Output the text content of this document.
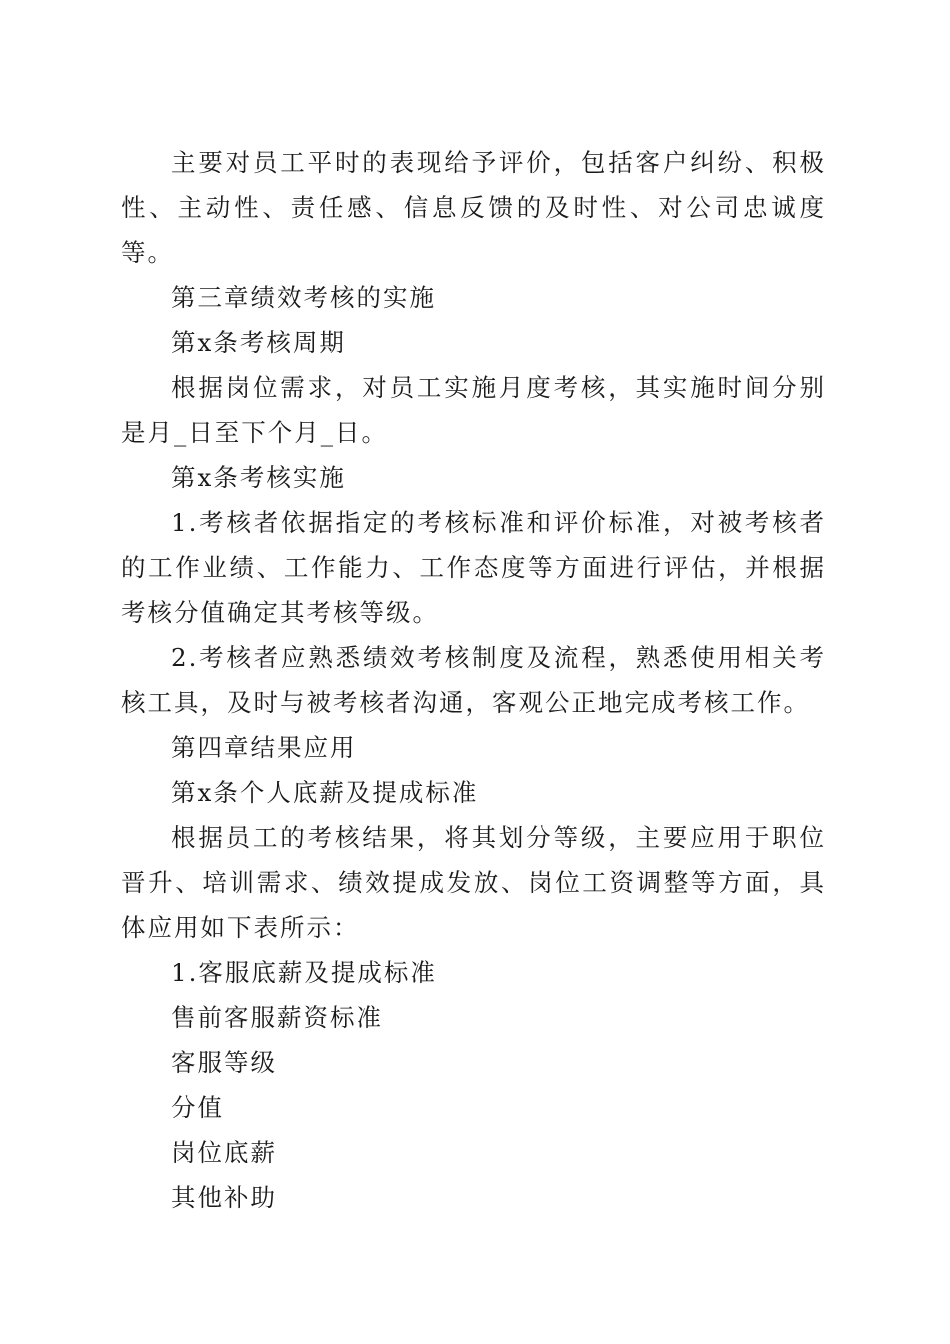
主要对员工平时的表现给予评价，包括客户纠纷、积极性、主动性、责任感、信息反馈的及时性、对公司忠诚度等。

第三章绩效考核的实施

第x条考核周期

根据岗位需求，对员工实施月度考核，其实施时间分别是月_日至下个月_日。

第x条考核实施

1.考核者依据指定的考核标准和评价标准，对被考核者的工作业绩、工作能力、工作态度等方面进行评估，并根据考核分值确定其考核等级。

2.考核者应熟悉绩效考核制度及流程，熟悉使用相关考核工具，及时与被考核者沟通，客观公正地完成考核工作。

第四章结果应用

第x条个人底薪及提成标准

根据员工的考核结果，将其划分等级，主要应用于职位晋升、培训需求、绩效提成发放、岗位工资调整等方面，具体应用如下表所示：

1.客服底薪及提成标准

售前客服薪资标准

客服等级

分值

岗位底薪

其他补助
